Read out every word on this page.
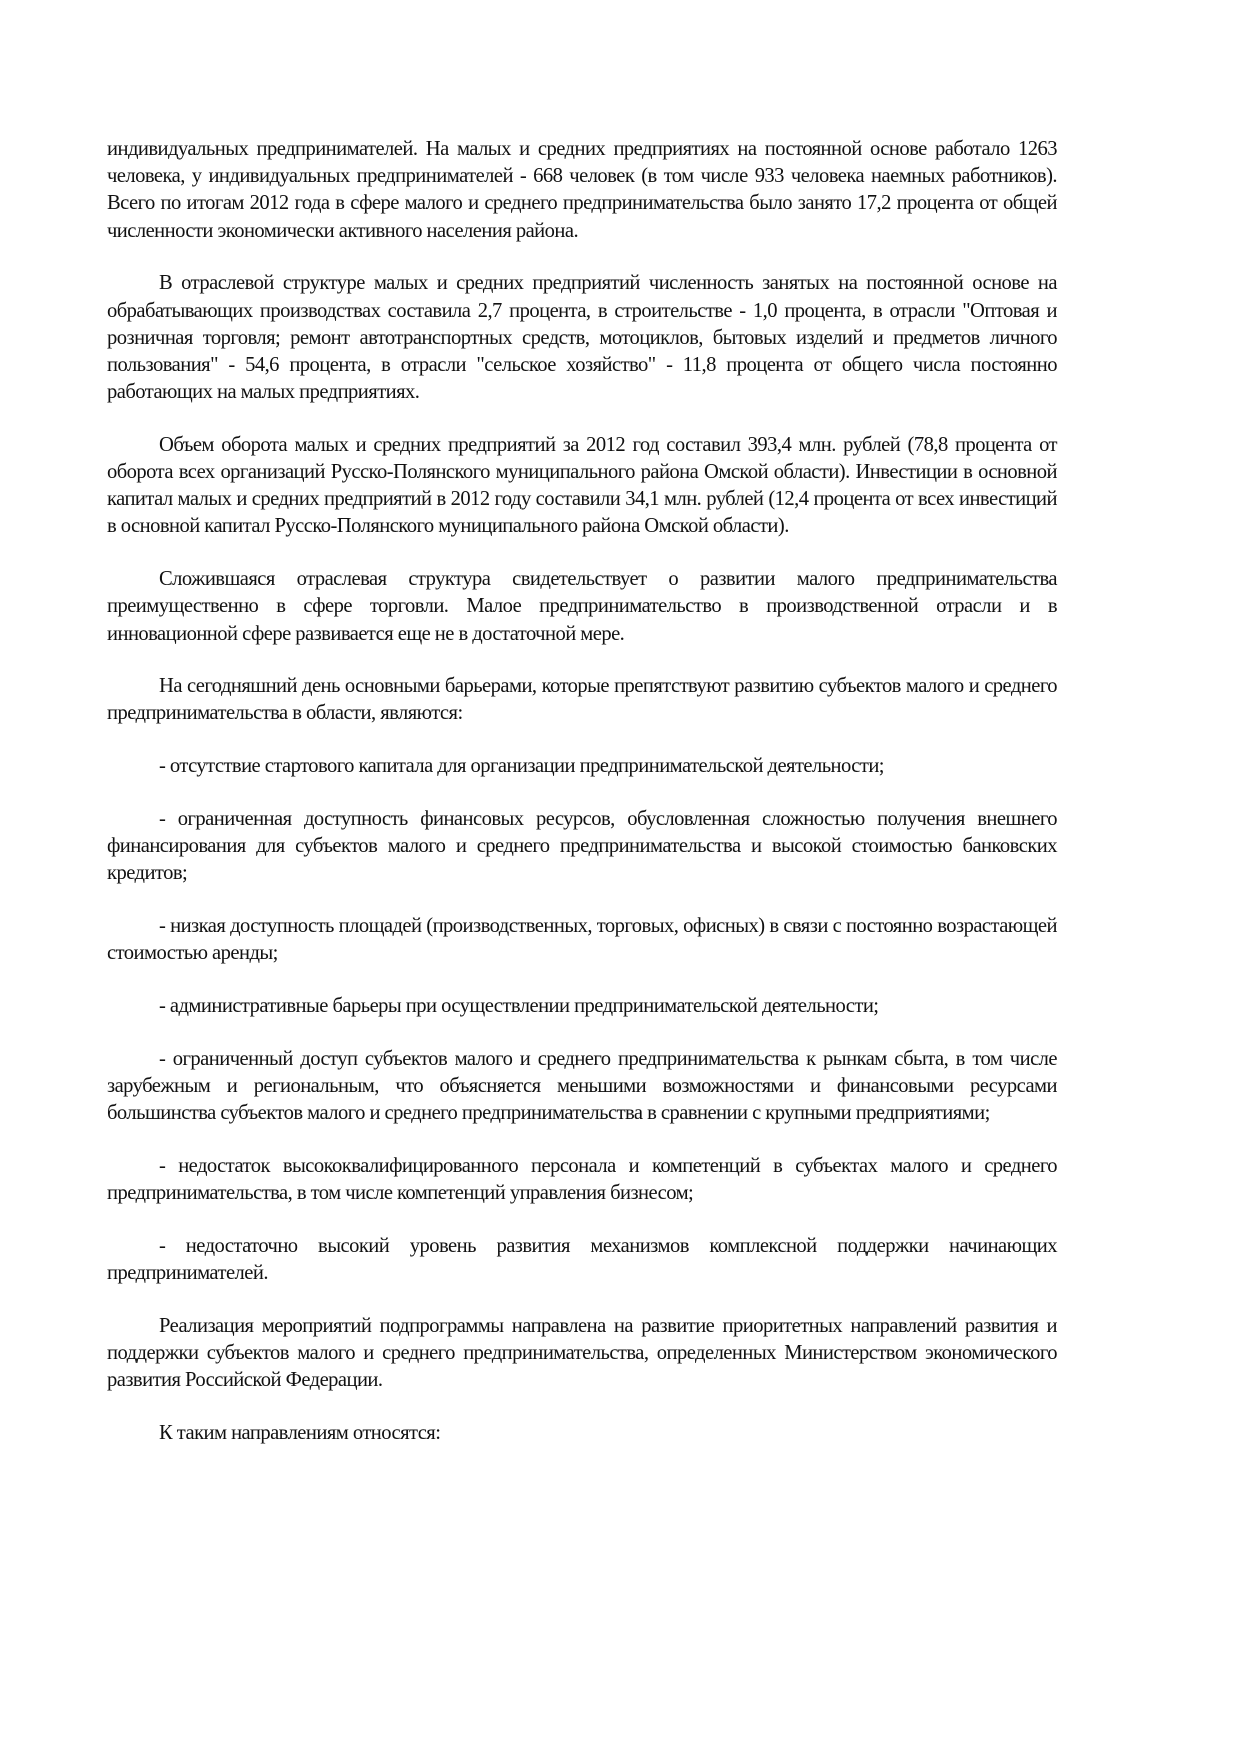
индивидуальных предпринимателей. На малых и средних предприятиях на постоянной основе работало 1263 человека, у индивидуальных предпринимателей - 668 человек (в том числе 933 человека наемных работников). Всего по итогам 2012 года в сфере малого и среднего предпринимательства было занято 17,2 процента от общей численности экономически активного населения района.

В отраслевой структуре малых и средних предприятий численность занятых на постоянной основе на обрабатывающих производствах составила 2,7 процента, в строительстве - 1,0 процента, в отрасли "Оптовая и розничная торговля; ремонт автотранспортных средств, мотоциклов, бытовых изделий и предметов личного пользования" - 54,6 процента, в отрасли "сельское хозяйство" - 11,8 процента от общего числа постоянно работающих на малых предприятиях.

Объем оборота малых и средних предприятий за 2012 год составил 393,4 млн. рублей (78,8 процента от оборота всех организаций Русско-Полянского муниципального района Омской области). Инвестиции в основной капитал малых и средних предприятий в 2012 году составили 34,1 млн. рублей (12,4 процента от всех инвестиций в основной капитал Русско-Полянского муниципального района Омской области).

Сложившаяся отраслевая структура свидетельствует о развитии малого предпринимательства преимущественно в сфере торговли. Малое предпринимательство в производственной отрасли и в инновационной сфере развивается еще не в достаточной мере.

На сегодняшний день основными барьерами, которые препятствуют развитию субъектов малого и среднего предпринимательства в области, являются:

- отсутствие стартового капитала для организации предпринимательской деятельности;

- ограниченная доступность финансовых ресурсов, обусловленная сложностью получения внешнего финансирования для субъектов малого и среднего предпринимательства и высокой стоимостью банковских кредитов;

- низкая доступность площадей (производственных, торговых, офисных) в связи с постоянно возрастающей стоимостью аренды;

- административные барьеры при осуществлении предпринимательской деятельности;

- ограниченный доступ субъектов малого и среднего предпринимательства к рынкам сбыта, в том числе зарубежным и региональным, что объясняется меньшими возможностями и финансовыми ресурсами большинства субъектов малого и среднего предпринимательства в сравнении с крупными предприятиями;

- недостаток высококвалифицированного персонала и компетенций в субъектах малого и среднего предпринимательства, в том числе компетенций управления бизнесом;

- недостаточно высокий уровень развития механизмов комплексной поддержки начинающих предпринимателей.

Реализация мероприятий подпрограммы направлена на развитие приоритетных направлений развития и поддержки субъектов малого и среднего предпринимательства, определенных Министерством экономического развития Российской Федерации.

К таким направлениям относятся:
